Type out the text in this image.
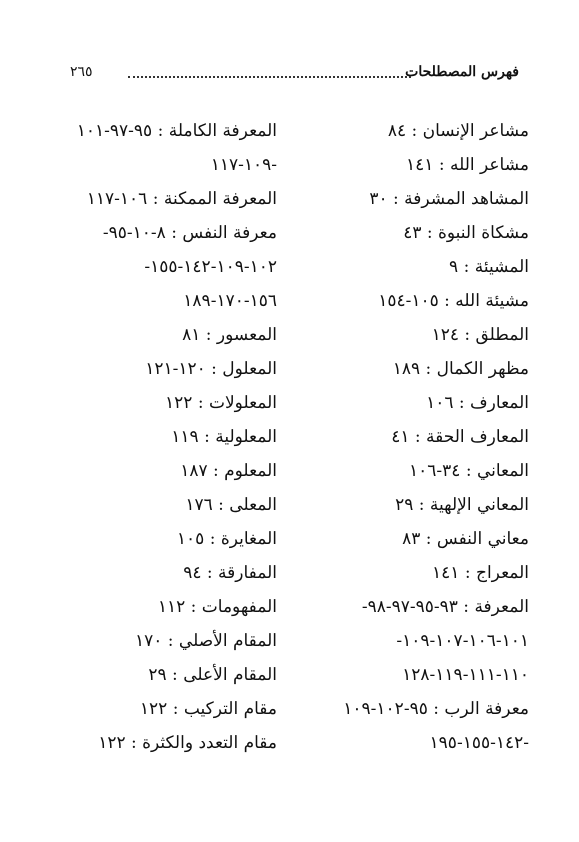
فهرس المصطلحات
٢٦٥
مشاعر الإنسان : ٨٤
مشاعر الله : ١٤١
المشاهد المشرفة : ٣٠
مشكاة النبوة : ٤٣
المشيئة : ٩
مشيئة الله : ١٠٥-١٥٤
المطلق : ١٢٤
مظهر الكمال : ١٨٩
المعارف : ١٠٦
المعارف الحقة : ٤١
المعاني : ٣٤-١٠٦
المعاني الإلهية : ٢٩
معاني النفس : ٨٣
المعراج : ١٤١
المعرفة : ٩٣-٩٥-٩٧-٩٨-
١٠١-١٠٦-١٠٧-١٠٩-
١١٠-١١١-١١٩-١٢٨
معرفة الرب : ٩٥-١٠٢-١٠٩
-١٤٢-١٥٥-١٩٥
المعرفة الكاملة : ٩٥-٩٧-١٠١
-١٠٩-١١٧
المعرفة الممكنة : ١٠٦-١١٧
معرفة النفس : ٨-١٠-٩٥-
١٠٢-١٠٩-١٤٢-١٥٥-
١٥٦-١٧٠-١٨٩
المعسور : ٨١
المعلول : ١٢٠-١٢١
المعلولات : ١٢٢
المعلولية : ١١٩
المعلوم : ١٨٧
المعلى : ١٧٦
المغايرة : ١٠٥
المفارقة : ٩٤
المفهومات : ١١٢
المقام الأصلي : ١٧٠
المقام الأعلى : ٢٩
مقام التركيب : ١٢٢
مقام التعدد والكثرة : ١٢٢
